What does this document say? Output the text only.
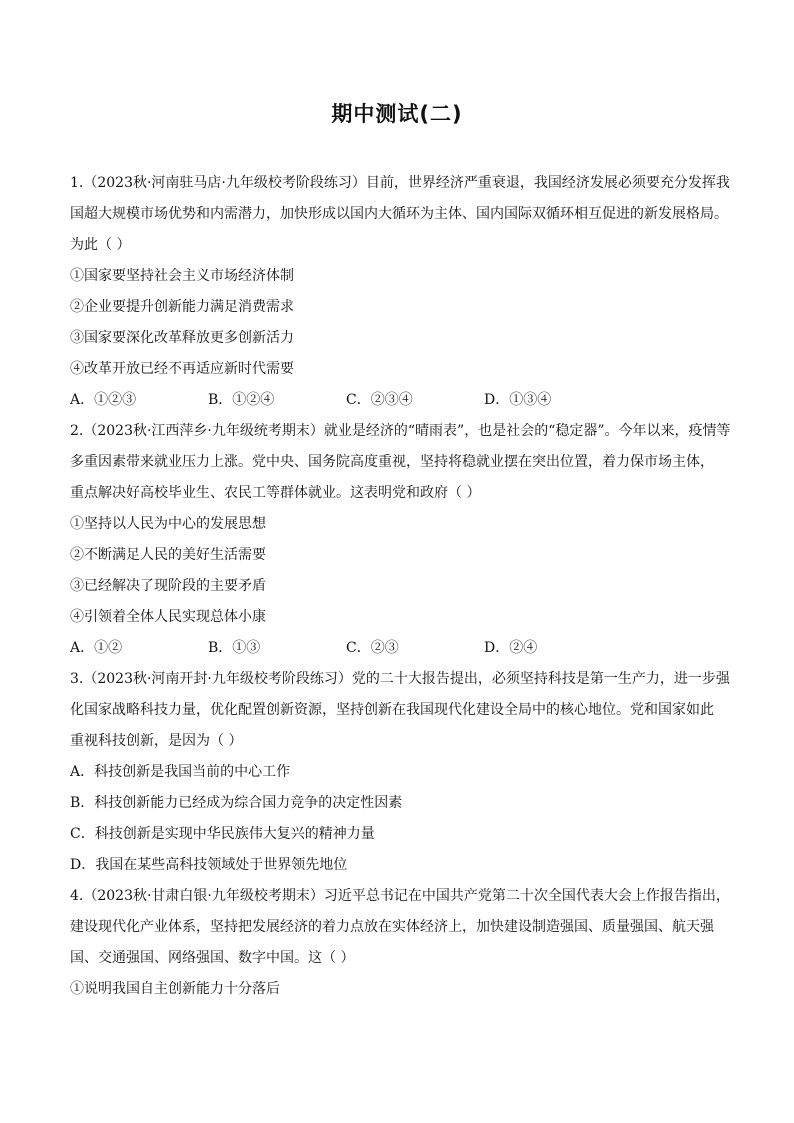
期中测试(二)
1.（2023秋·河南驻马店·九年级校考阶段练习）目前，世界经济严重衰退，我国经济发展必须要充分发挥我
国超大规模市场优势和内需潜力，加快形成以国内大循环为主体、国内国际双循环相互促进的新发展格局。
为此（ ）
①国家要坚持社会主义市场经济体制
②企业要提升创新能力满足消费需求
③国家要深化改革释放更多创新活力
④改革开放已经不再适应新时代需要
A．①②③	B．①②④	C．②③④	D．①③④
2.（2023秋·江西萍乡·九年级统考期末）就业是经济的“晴雨表”，也是社会的“稳定器”。今年以来，疫情等
多重因素带来就业压力上涨。党中央、国务院高度重视，坚持将稳就业摆在突出位置，着力保市场主体，
重点解决好高校毕业生、农民工等群体就业。这表明党和政府（ ）
①坚持以人民为中心的发展思想
②不断满足人民的美好生活需要
③已经解决了现阶段的主要矛盾
④引领着全体人民实现总体小康
A．①②	B．①③	C．②③	D．②④
3.（2023秋·河南开封·九年级校考阶段练习）党的二十大报告提出，必须坚持科技是第一生产力，进一步强
化国家战略科技力量，优化配置创新资源，坚持创新在我国现代化建设全局中的核心地位。党和国家如此
重视科技创新，是因为（ ）
A．科技创新是我国当前的中心工作
B．科技创新能力已经成为综合国力竞争的决定性因素
C．科技创新是实现中华民族伟大复兴的精神力量
D．我国在某些高科技领域处于世界领先地位
4.（2023秋·甘肃白银·九年级校考期末）习近平总书记在中国共产党第二十次全国代表大会上作报告指出，
建设现代化产业体系，坚持把发展经济的着力点放在实体经济上，加快建设制造强国、质量强国、航天强
国、交通强国、网络强国、数字中国。这（ ）
①说明我国自主创新能力十分落后
